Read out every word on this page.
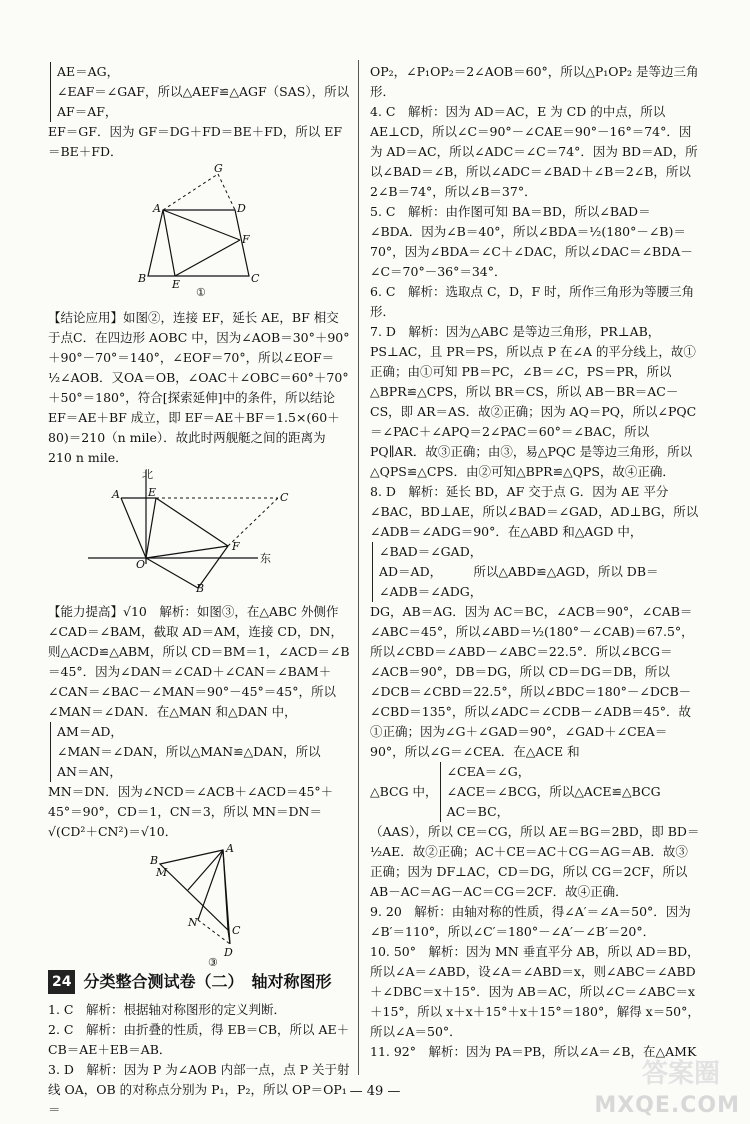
AE＝AG，
∠EAF＝∠GAF，所以△AEF≌△AGF（SAS），所以
AF＝AF，

EF＝GF．因为 GF＝DG＋FD＝BE＋FD，所以 EF＝BE＋FD．

G
A	D
F
B E	C
①

【结论应用】如图②，连接 EF，延长 AE，BF 相交于点C．在四边形 AOBC 中，因为∠AOB＝30°＋90°＋90°－70°＝140°，∠EOF＝70°，所以∠EOF＝½∠AOB．又OA＝OB，∠OAC＋∠OBC＝60°＋70°＋50°＝180°，符合[探索延伸]中的条件，所以结论 EF＝AE＋BF 成立，即 EF＝AE＋BF＝1.5×(60＋80)＝210（n mile）．故此时两舰艇之间的距离为 210 n mile．

北
A	E	C
F
东
O
B

【能力提高】√10　解析：如图③，在△ABC 外侧作∠CAD＝∠BAM，截取 AD＝AM，连接 CD，DN，则△ACD≌△ABM，所以 CD＝BM＝1，∠ACD＝∠B＝45°．因为∠DAN＝∠CAD＋∠CAN＝∠BAM＋∠CAN＝∠BAC－∠MAN＝90°－45°＝45°，所以∠MAN＝∠DAN．在△MAN 和△DAN 中，

AM＝AD，
∠MAN＝∠DAN，所以△MAN≌△DAN，所以
AN＝AN，

MN＝DN．因为∠NCD＝∠ACB＋∠ACD＝45°＋45°＝90°，CD＝1，CN＝3，所以 MN＝DN＝√(CD²＋CN²)＝√10．

A
M
B
N
C
D
③
24 分类整合测试卷（二）　轴对称图形

1. C　解析：根据轴对称图形的定义判断．

2. C　解析：由折叠的性质，得 EB＝CB，所以 AE＋CB＝AE＋EB＝AB．

3. D　解析：因为 P 为∠AOB 内部一点，点 P 关于射线 OA，OB 的对称点分别为 P₁，P₂，所以 OP＝OP₁＝

OP₂，∠P₁OP₂＝2∠AOB＝60°，所以△P₁OP₂ 是等边三角形．

4. C　解析：因为 AD＝AC，E 为 CD 的中点，所以 AE⊥CD，所以∠C＝90°－∠CAE＝90°－16°＝74°．因为 AD＝AC，所以∠ADC＝∠C＝74°．因为 BD＝AD，所以∠BAD＝∠B，所以∠ADC＝∠BAD＋∠B＝2∠B，所以 2∠B＝74°，所以∠B＝37°．

5. C　解析：由作图可知 BA＝BD，所以∠BAD＝∠BDA．因为∠B＝40°，所以∠BDA＝½(180°－∠B)＝70°，因为∠BDA＝∠C＋∠DAC，所以∠DAC＝∠BDA－∠C＝70°－36°＝34°．

6. C　解析：选取点 C，D，F 时，所作三角形为等腰三角形．

7. D　解析：因为△ABC 是等边三角形，PR⊥AB，PS⊥AC，且 PR＝PS，所以点 P 在∠A 的平分线上，故①正确；由①可知 PB＝PC，∠B＝∠C，PS＝PR，所以△BPR≌△CPS，所以 BR＝CS，所以 AB－BR＝AC－CS，即 AR＝AS．故②正确；因为 AQ＝PQ，所以∠PQC＝∠PAC＋∠APQ＝2∠PAC＝60°＝∠BAC，所以 PQ∥AR．故③正确；由③，易△PQC 是等边三角形，所以△QPS≌△CPS．由②可知△BPR≌△QPS，故④正确．

8. D　解析：延长 BD，AF 交于点 G．因为 AE 平分∠BAC，BD⊥AE，所以∠BAD＝∠GAD，AD⊥BG，所以∠ADB＝∠ADG＝90°．在△ABD 和△AGD 中，

∠BAD＝∠GAD，
AD＝AD，　　　所以△ABD≌△AGD，所以 DB＝
∠ADB＝∠ADG，

DG，AB＝AG．因为 AC＝BC，∠ACB＝90°，∠CAB＝∠ABC＝45°，所以∠ABD＝½(180°－∠CAB)＝67.5°，所以∠CBD＝∠ABD－∠ABC＝22.5°．所以∠BCG＝∠ACB＝90°，DB＝DG，所以 CD＝DG＝DB，所以∠DCB＝∠CBD＝22.5°，所以∠BDC＝180°－∠DCB－∠CBD＝135°，所以∠ADC＝∠CDB－∠ADB＝45°．故①正确；因为∠G＋∠GAD＝90°，∠GAD＋∠CEA＝90°，所以∠G＝∠CEA．在△ACE 和

△BCG 中，
∠CEA＝∠G，
∠ACE＝∠BCG，所以△ACE≌△BCG
AC＝BC，

（AAS），所以 CE＝CG，所以 AE＝BG＝2BD，即 BD＝½AE．故②正确；AC＋CE＝AC＋CG＝AG＝AB．故③正确；因为 DF⊥AC，CD＝DG，所以 CG＝2CF，所以 AB－AC＝AG－AC＝CG＝2CF．故④正确．

9. 20　解析：由轴对称的性质，得∠A′＝∠A＝50°．因为∠B′＝110°，所以∠C′＝180°－∠A′－∠B′＝20°．

10. 50°　解析：因为 MN 垂直平分 AB，所以 AD＝BD，所以∠A＝∠ABD，设∠A＝∠ABD＝x，则∠ABC＝∠ABD＋∠DBC＝x＋15°．因为 AB＝AC，所以∠C＝∠ABC＝x＋15°，所以 x＋x＋15°＋x＋15°＝180°，解得 x＝50°，所以∠A＝50°．

11. 92°　解析：因为 PA＝PB，所以∠A＝∠B，在△AMK

— 49 —
答案圈
MXQE.COM
